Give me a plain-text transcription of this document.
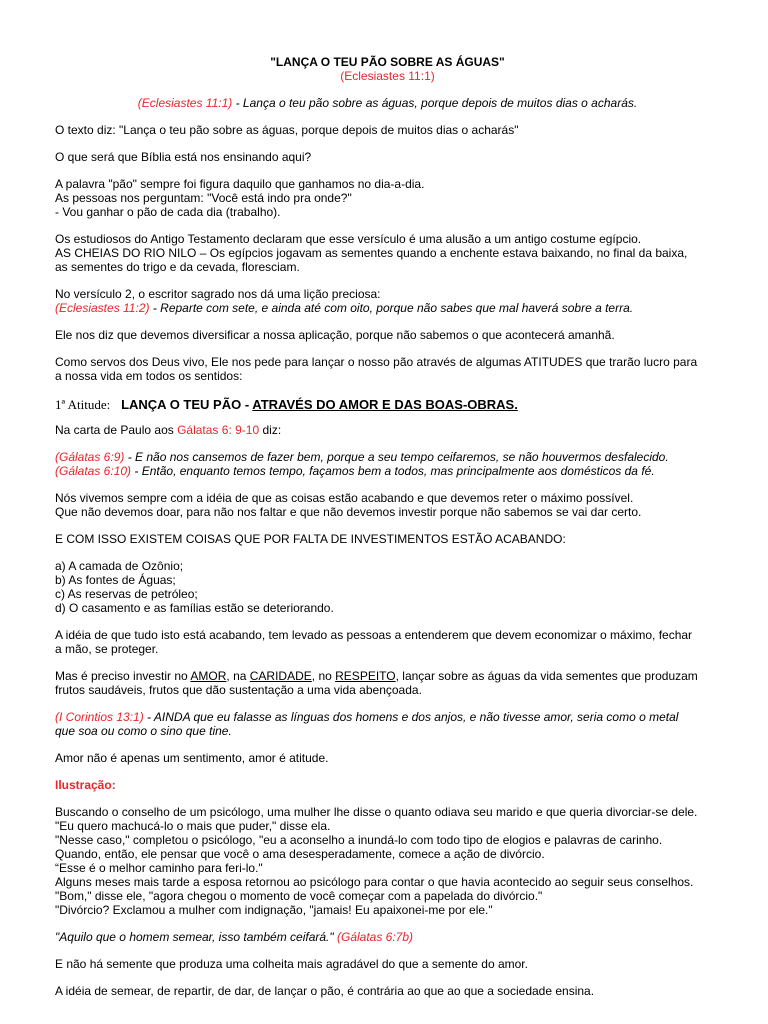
"LANÇA O TEU PÃO SOBRE AS ÁGUAS"

(Eclesiastes 11:1)

(Eclesiastes 11:1) - Lança o teu pão sobre as águas, porque depois de muitos dias o acharás.

O texto diz: "Lança o teu pão sobre as águas, porque depois de muitos dias o acharás"

O que será que Bíblia está nos ensinando aqui?

A palavra "pão" sempre foi figura daquilo que ganhamos no dia-a-dia.

As pessoas nos perguntam: "Você está indo pra onde?"

- Vou ganhar o pão de cada dia (trabalho).

Os estudiosos do Antigo Testamento declaram que esse versículo é uma alusão a um antigo costume egípcio.

AS CHEIAS DO RIO NILO – Os egípcios jogavam as sementes quando a enchente estava baixando, no final da baixa,

as sementes do trigo e da cevada, floresciam.

No versículo 2, o escritor sagrado nos dá uma lição preciosa:

(Eclesiastes 11:2) - Reparte com sete, e ainda até com oito, porque não sabes que mal haverá sobre a terra.

Ele nos diz que devemos diversificar a nossa aplicação, porque não sabemos o que acontecerá amanhã.

Como servos dos Deus vivo, Ele nos pede para lançar o nosso pão através de algumas ATITUDES que trarão lucro para

a nossa vida em todos os sentidos:

1ª Atitude: LANÇA O TEU PÃO - ATRAVÉS DO AMOR E DAS BOAS-OBRAS.

Na carta de Paulo aos Gálatas 6: 9-10 diz:

(Gálatas 6:9) - E não nos cansemos de fazer bem, porque a seu tempo ceifaremos, se não houvermos desfalecido.

(Gálatas 6:10) - Então, enquanto temos tempo, façamos bem a todos, mas principalmente aos domésticos da fé.

Nós vivemos sempre com a idéia de que as coisas estão acabando e que devemos reter o máximo possível.

Que não devemos doar, para não nos faltar e que não devemos investir porque não sabemos se vai dar certo.

E COM ISSO EXISTEM COISAS QUE POR FALTA DE INVESTIMENTOS ESTÃO ACABANDO:

a) A camada de Ozônio;

b) As fontes de Águas;

c) As reservas de petróleo;

d) O casamento e as famílias estão se deteriorando.

A idéia de que tudo isto está acabando, tem levado as pessoas a entenderem que devem economizar o máximo, fechar

a mão, se proteger.

Mas é preciso investir no AMOR, na CARIDADE, no RESPEITO, lançar sobre as águas da vida sementes que produzam

frutos saudáveis, frutos que dão sustentação a uma vida abençoada.

(I Corintios 13:1) - AINDA que eu falasse as línguas dos homens e dos anjos, e não tivesse amor, seria como o metal

que soa ou como o sino que tine.

Amor não é apenas um sentimento, amor é atitude.

Ilustração:

Buscando o conselho de um psicólogo, uma mulher lhe disse o quanto odiava seu marido e que queria divorciar-se dele.

"Eu quero machucá-lo o mais que puder," disse ela.

"Nesse caso," completou o psicólogo, "eu a aconselho a inundá-lo com todo tipo de elogios e palavras de carinho.

Quando, então, ele pensar que você o ama desesperadamente, comece a ação de divórcio.

“Esse é o melhor caminho para feri-lo."

Alguns meses mais tarde a esposa retornou ao psicólogo para contar o que havia acontecido ao seguir seus conselhos.

"Bom," disse ele, "agora chegou o momento de você começar com a papelada do divórcio."

"Divórcio? Exclamou a mulher com indignação, "jamais! Eu apaixonei-me por ele."

"Aquilo que o homem semear, isso também ceifará." (Gálatas 6:7b)

E não há semente que produza uma colheita mais agradável do que a semente do amor.

A idéia de semear, de repartir, de dar, de lançar o pão, é contrária ao que ao que a sociedade ensina.
